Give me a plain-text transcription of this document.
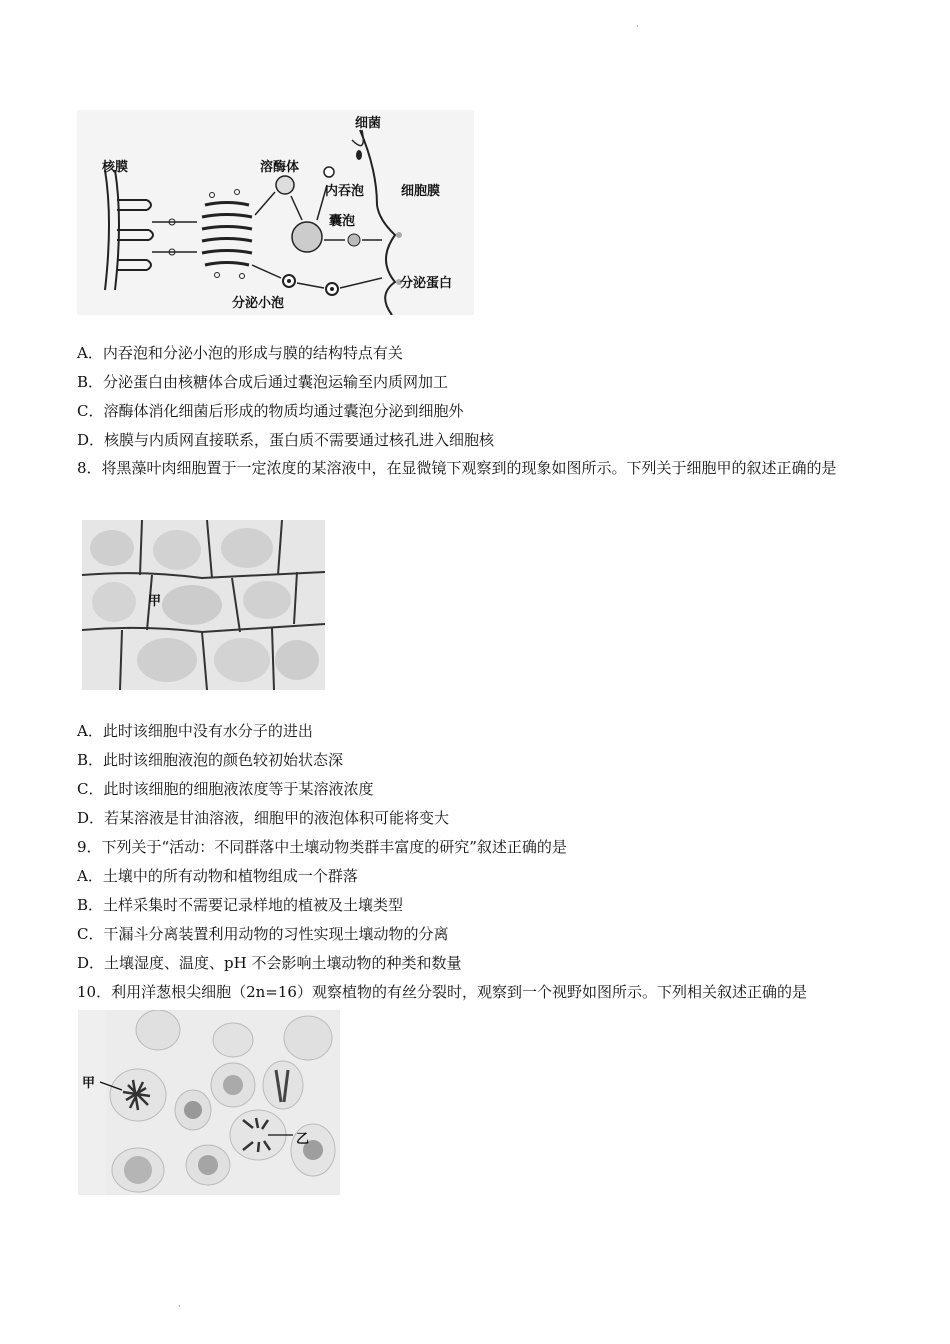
·
细菌
核膜	溶酶体
内吞泡	细胞膜
囊泡
分泌小泡
分泌蛋白
A．内吞泡和分泌小泡的形成与膜的结构特点有关
B．分泌蛋白由核糖体合成后通过囊泡运输至内质网加工
C．溶酶体消化细菌后形成的物质均通过囊泡分泌到细胞外
D．核膜与内质网直接联系，蛋白质不需要通过核孔进入细胞核
8．将黑藻叶肉细胞置于一定浓度的某溶液中，在显微镜下观察到的现象如图所示。下列关于细胞甲的叙述正确的是
甲
A．此时该细胞中没有水分子的进出
B．此时该细胞液泡的颜色较初始状态深
C．此时该细胞的细胞液浓度等于某溶液浓度
D．若某溶液是甘油溶液，细胞甲的液泡体积可能将变大
9．下列关于“活动：不同群落中土壤动物类群丰富度的研究”叙述正确的是
A．土壤中的所有动物和植物组成一个群落
B．土样采集时不需要记录样地的植被及土壤类型
C．干漏斗分离装置利用动物的习性实现土壤动物的分离
D．土壤湿度、温度、pH 不会影响土壤动物的种类和数量
10．利用洋葱根尖细胞（2n=16）观察植物的有丝分裂时，观察到一个视野如图所示。下列相关叙述正确的是
甲
乙
·
